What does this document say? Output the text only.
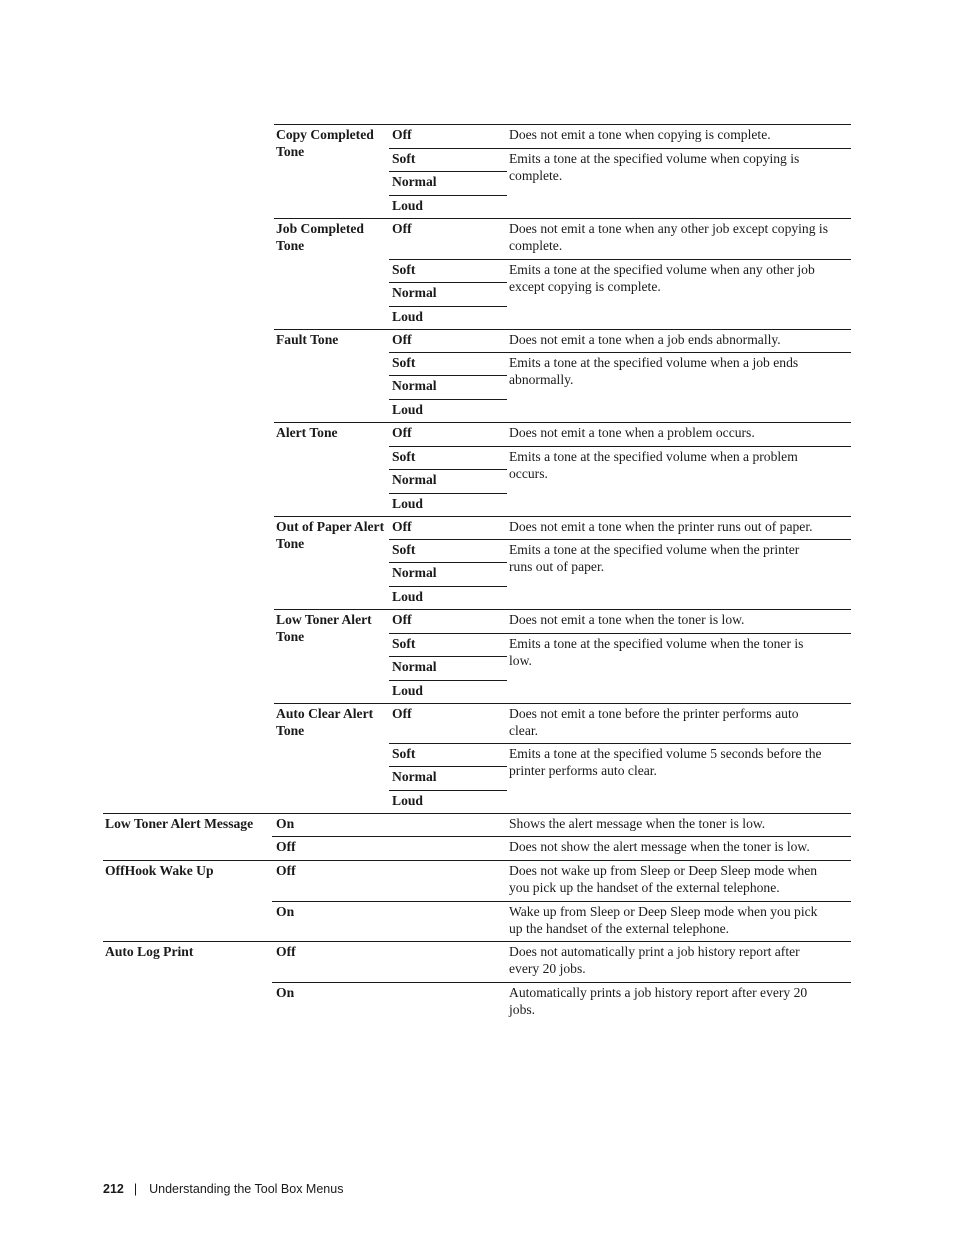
Copy Completed
Tone
Off	Does not emit a tone when copying is complete.
Soft	Emits a tone at the specified volume when copying is
complete.
Normal
Loud
Job Completed
Tone
Off	Does not emit a tone when any other job except copying is
complete.
Soft	Emits a tone at the specified volume when any other job
except copying is complete.
Normal
Loud
Fault Tone	Off	Does not emit a tone when a job ends abnormally.
Soft	Emits a tone at the specified volume when a job ends
abnormally.
Normal
Loud
Alert Tone	Off	Does not emit a tone when a problem occurs.
Soft	Emits a tone at the specified volume when a problem
occurs.
Normal
Loud
Out of Paper Alert
Tone
Off	Does not emit a tone when the printer runs out of paper.
Soft	Emits a tone at the specified volume when the printer
runs out of paper.
Normal
Loud
Low Toner Alert
Tone
Off	Does not emit a tone when the toner is low.
Soft	Emits a tone at the specified volume when the toner is
low.
Normal
Loud
Auto Clear Alert
Tone
Off	Does not emit a tone before the printer performs auto
clear.
Soft	Emits a tone at the specified volume 5 seconds before the
printer performs auto clear.
Normal
Loud
Low Toner Alert Message	On	Shows the alert message when the toner is low.
Off	Does not show the alert message when the toner is low.
OffHook Wake Up	Off	Does not wake up from Sleep or Deep Sleep mode when
you pick up the handset of the external telephone.
On	Wake up from Sleep or Deep Sleep mode when you pick
up the handset of the external telephone.
Auto Log Print	Off	Does not automatically print a job history report after
every 20 jobs.
On	Automatically prints a job history report after every 20
jobs.
212 | Understanding the Tool Box Menus
